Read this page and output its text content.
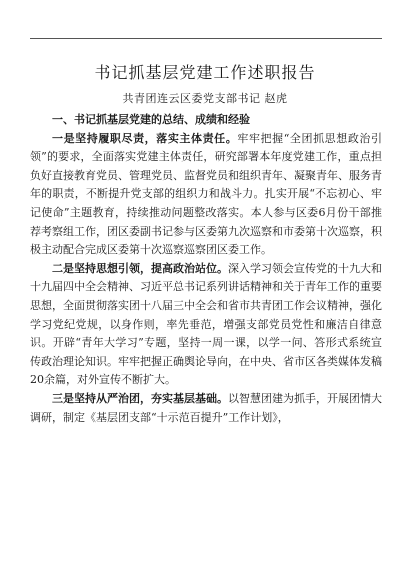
书记抓基层党建工作述职报告
共青团连云区委党支部书记 赵虎

一、书记抓基层党建的总结、成绩和经验

一是坚持履职尽责，落实主体责任。牢牢把握“全团抓思想政治引领”的要求，全面落实党建主体责任，研究部署本年度党建工作，重点担负好直接教育党员、管理党员、监督党员和组织青年、凝聚青年、服务青年的职责，不断提升党支部的组织力和战斗力。扎实开展“不忘初心、牢记使命”主题教育，持续推动问题整改落实。本人参与区委6月份干部推荐考察组工作，团区委副书记参与区委第九次巡察和市委第十次巡察，积极主动配合完成区委第十次巡察巡察团区委工作。

二是坚持思想引领，提高政治站位。深入学习领会宣传党的十九大和十九届四中全会精神、习近平总书记系列讲话精神和关于青年工作的重要思想，全面贯彻落实团十八届三中全会和省市共青团工作会议精神，强化学习党纪党规，以身作则，率先垂范，增强支部党员党性和廉洁自律意识。开辟“青年大学习”专题，坚持一周一课，以学一问、答形式系统宣传政治理论知识。牢牢把握正确舆论导向，在中央、省市区各类媒体发稿20余篇，对外宣传不断扩大。

三是坚持从严治团，夯实基层基础。以智慧团建为抓手，开展团情大调研，制定《基层团支部“十示范百提升”工作计划》，
